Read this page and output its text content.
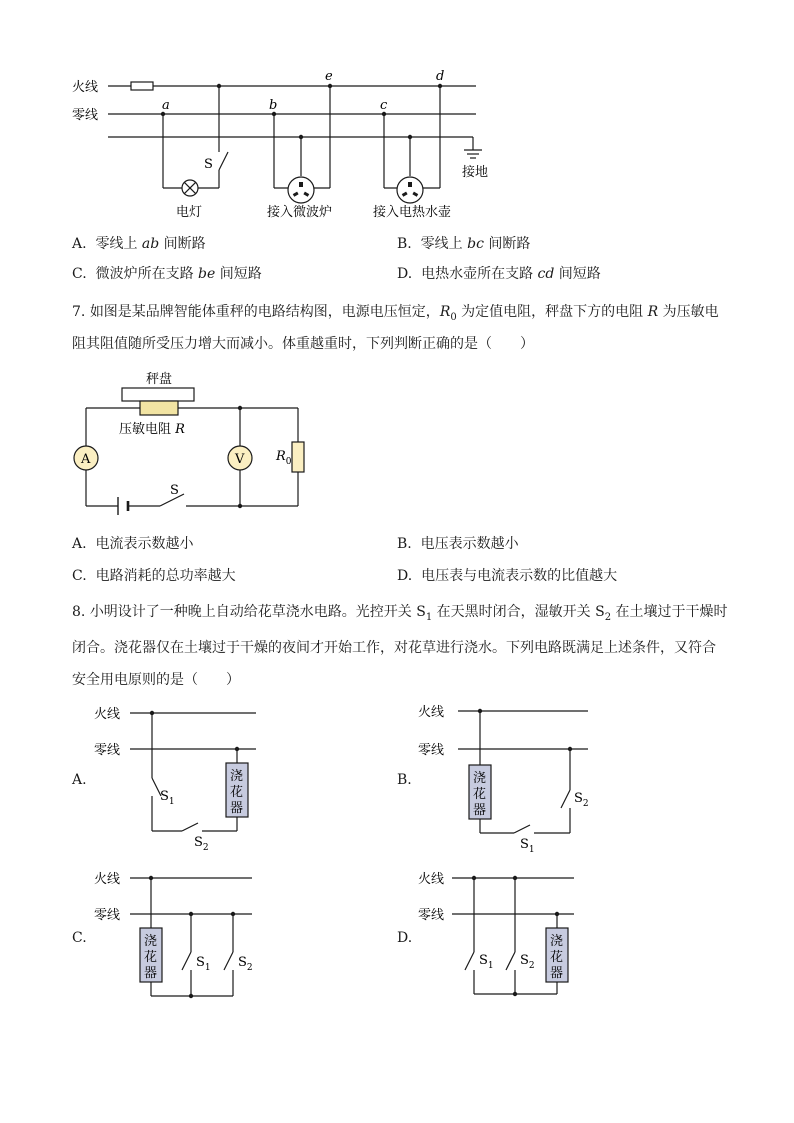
火线
零线
接地
电灯	接入微波炉	接入电热水壶
S
a	b	c
d
e
A. 零线上 ab 间断路	B. 零线上 bc 间断路
C. 微波炉所在支路 be 间短路	D. 电热水壶所在支路 cd 间短路
7. 如图是某品牌智能体重秤的电路结构图，电源电压恒定，$R_0$ 为定值电阻，秤盘下方的电阻 R 为压敏电
阻其阻值随所受压力增大而减小。体重越重时，下列判断正确的是（　　）
A	V
秤盘
压敏电阻 R
$R_0$
S
A. 电流表示数越小	B. 电压表示数越小
C. 电路消耗的总功率越大	D. 电压表与电流表示数的比值越大
8. 小明设计了一种晚上自动给花草浇水电路。光控开关 $S_1$ 在天黑时闭合，湿敏开关 $S_2$ 在土壤过于干燥时
闭合。浇花器仅在土壤过于干燥的夜间才开始工作，对花草进行浇水。下列电路既满足上述条件，又符合
安全用电原则的是（　　）
火线
零线
浇
花
器
$S_1$
$S_2$
火线
零线
浇
花
器
$S_2$
$S_1$
火线
零线
浇
花
器
$S_1$ $S_2$
火线
零线
浇
花
器
$S_1$ $S_2$
A.	B.
C.	D.
